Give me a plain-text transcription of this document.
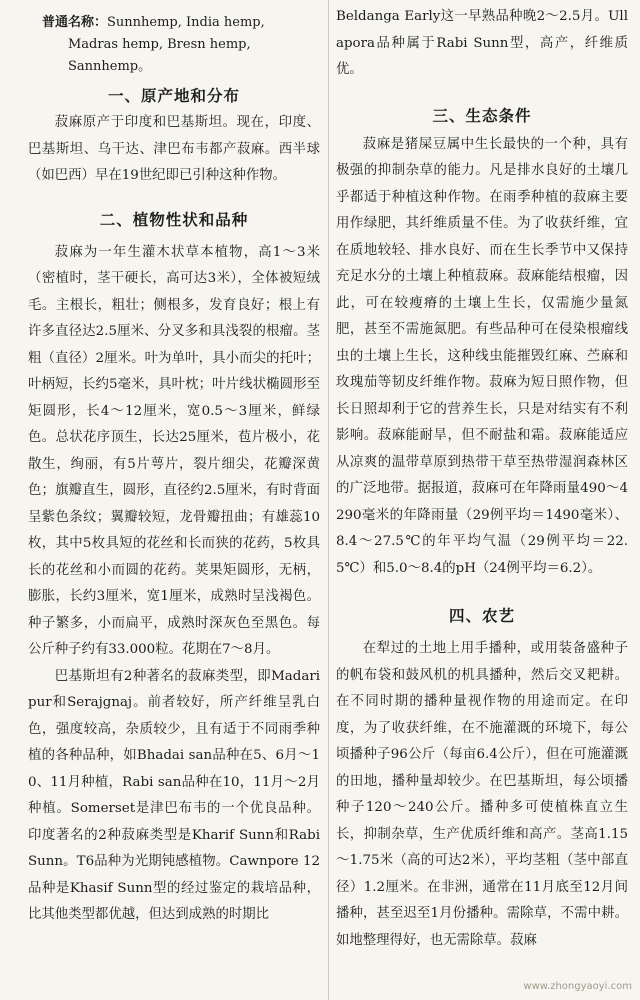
普通名称：Sunnhemp, India hemp,
Madras hemp, Bresn hemp,
Sannhemp。
一、原产地和分布

菽麻原产于印度和巴基斯坦。现在，印度、巴基斯坦、乌干达、津巴布韦都产菽麻。西半球（如巴西）早在19世纪即已引种这种作物。

二、植物性状和品种

菽麻为一年生灌木状草本植物，高1～3米（密植时，茎干硬长，高可达3米），全体被短绒毛。主根长，粗壮；侧根多，发育良好；根上有许多直径达2.5厘米、分叉多和具浅裂的根瘤。茎粗（直径）2厘米。叶为单叶，具小而尖的托叶；叶柄短，长约5毫米，具叶枕；叶片线状椭圆形至矩圆形，长4～12厘米，宽0.5～3厘米，鲜绿色。总状花序顶生，长达25厘米，苞片极小，花散生，绚丽，有5片萼片，裂片细尖，花瓣深黄色；旗瓣直生，圆形，直径约2.5厘米，有时背面呈紫色条纹；翼瓣较短，龙骨瓣扭曲；有雄蕊10枚，其中5枚具短的花丝和长而狭的花药，5枚具长的花丝和小而圆的花药。荚果矩圆形，无柄，膨胀，长约3厘米，宽1厘米，成熟时呈浅褐色。种子繁多，小而扁平，成熟时深灰色至黑色。每公斤种子约有33.000粒。花期在7～8月。

巴基斯坦有2种著名的菽麻类型，即Madaripur和Serajgnaj。前者较好，所产纤维呈乳白色，强度较高，杂质较少，且有适于不同雨季种植的各种品种，如Bhadai san品种在5、6月～10、11月种植，Rabi san品种在10，11月～2月种植。Somerset是津巴布韦的一个优良品种。印度著名的2种菽麻类型是Kharif Sunn和Rabi Sunn。T6品种为光期钝感植物。Cawnpore 12品种是Khasif Sunn型的经过鉴定的栽培品种，比其他类型都优越，但达到成熟的时期比

Beldanga Early这一早熟品种晚2～2.5月。Ullapora品种属于Rabi Sunn型，高产，纤维质优。

三、生态条件

菽麻是猪屎豆属中生长最快的一个种，具有极强的抑制杂草的能力。凡是排水良好的土壤几乎都适于种植这种作物。在雨季种植的菽麻主要用作绿肥，其纤维质量不佳。为了收获纤维，宜在质地较轻、排水良好、而在生长季节中又保持充足水分的土壤上种植菽麻。菽麻能结根瘤，因此，可在较瘦瘠的土壤上生长，仅需施少量氮肥，甚至不需施氮肥。有些品种可在侵染根瘤线虫的土壤上生长，这种线虫能摧毁红麻、苎麻和玫瑰茄等韧皮纤维作物。菽麻为短日照作物，但长日照却利于它的营养生长，只是对结实有不利影响。菽麻能耐旱，但不耐盐和霜。菽麻能适应从凉爽的温带草原到热带干草至热带湿润森林区的广泛地带。据报道，菽麻可在年降雨量490～4290毫米的年降雨量（29例平均＝1490毫米）、8.4～27.5℃的年平均气温（29例平均＝22.5℃）和5.0～8.4的pH（24例平均＝6.2）。

四、农艺

在犁过的土地上用手播种，或用装备盛种子的帆布袋和鼓风机的机具播种，然后交叉耙耕。在不同时期的播种量视作物的用途而定。在印度，为了收获纤维，在不施灌溉的环境下，每公顷播种子96公斤（每亩6.4公斤），但在可施灌溉的田地，播种量却较少。在巴基斯坦，每公顷播种子120～240公斤。播种多可使植株直立生长，抑制杂草，生产优质纤维和高产。茎高1.15～1.75米（高的可达2米），平均茎粗（茎中部直径）1.2厘米。在非洲，通常在11月底至12月间播种，甚至迟至1月份播种。需除草，不需中耕。如地整理得好，也无需除草。菽麻

www.zhongyaoyi.com
